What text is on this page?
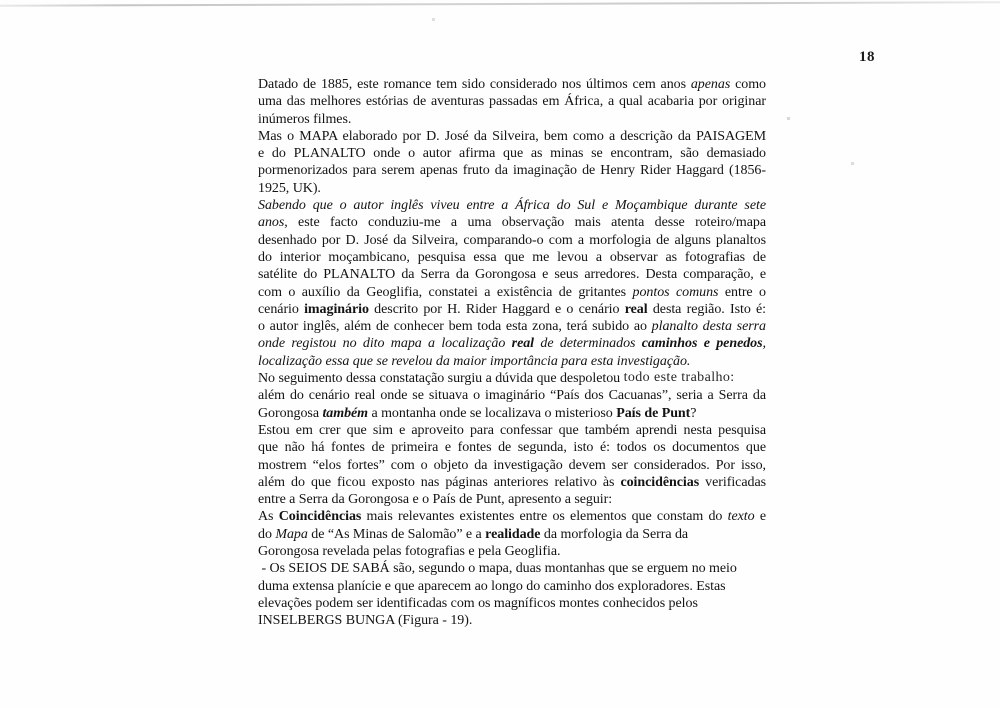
18
Datado de 1885, este romance tem sido considerado nos últimos cem anos apenas como
uma das melhores estórias de aventuras passadas em África, a qual acabaria por originar
inúmeros filmes.
Mas o MAPA elaborado por D. José da Silveira, bem como a descrição da PAISAGEM
e do PLANALTO onde o autor afirma que as minas se encontram, são demasiado
pormenorizados para serem apenas fruto da imaginação de Henry Rider Haggard (1856-
1925, UK).
Sabendo que o autor inglês viveu entre a África do Sul e Moçambique durante sete
anos, este facto conduziu-me a uma observação mais atenta desse roteiro/mapa
desenhado por D. José da Silveira, comparando-o com a morfologia de alguns planaltos
do interior moçambicano, pesquisa essa que me levou a observar as fotografias de
satélite do PLANALTO da Serra da Gorongosa e seus arredores. Desta comparação, e
com o auxílio da Geoglifia, constatei a existência de gritantes pontos comuns entre o
cenário imaginário descrito por H. Rider Haggard e o cenário real desta região. Isto é:
o autor inglês, além de conhecer bem toda esta zona, terá subido ao planalto desta serra
onde registou no dito mapa a localização real de determinados caminhos e penedos,
localização essa que se revelou da maior importância para esta investigação.
No seguimento dessa constatação surgiu a dúvida que despoletou todo este trabalho:
além do cenário real onde se situava o imaginário “País dos Cacuanas”, seria a Serra da
Gorongosa também a montanha onde se localizava o misterioso País de Punt?
Estou em crer que sim e aproveito para confessar que também aprendi nesta pesquisa
que não há fontes de primeira e fontes de segunda, isto é: todos os documentos que
mostrem “elos fortes” com o objeto da investigação devem ser considerados. Por isso,
além do que ficou exposto nas páginas anteriores relativo às coincidências verificadas
entre a Serra da Gorongosa e o País de Punt, apresento a seguir:
As Coincidências mais relevantes existentes entre os elementos que constam do texto e
do Mapa de “As Minas de Salomão” e a realidade da morfologia da Serra da
Gorongosa revelada pelas fotografias e pela Geoglifia.
- Os SEIOS DE SABÁ são, segundo o mapa, duas montanhas que se erguem no meio
duma extensa planície e que aparecem ao longo do caminho dos exploradores. Estas
elevações podem ser identificadas com os magníficos montes conhecidos pelos
INSELBERGS BUNGA (Figura - 19).
